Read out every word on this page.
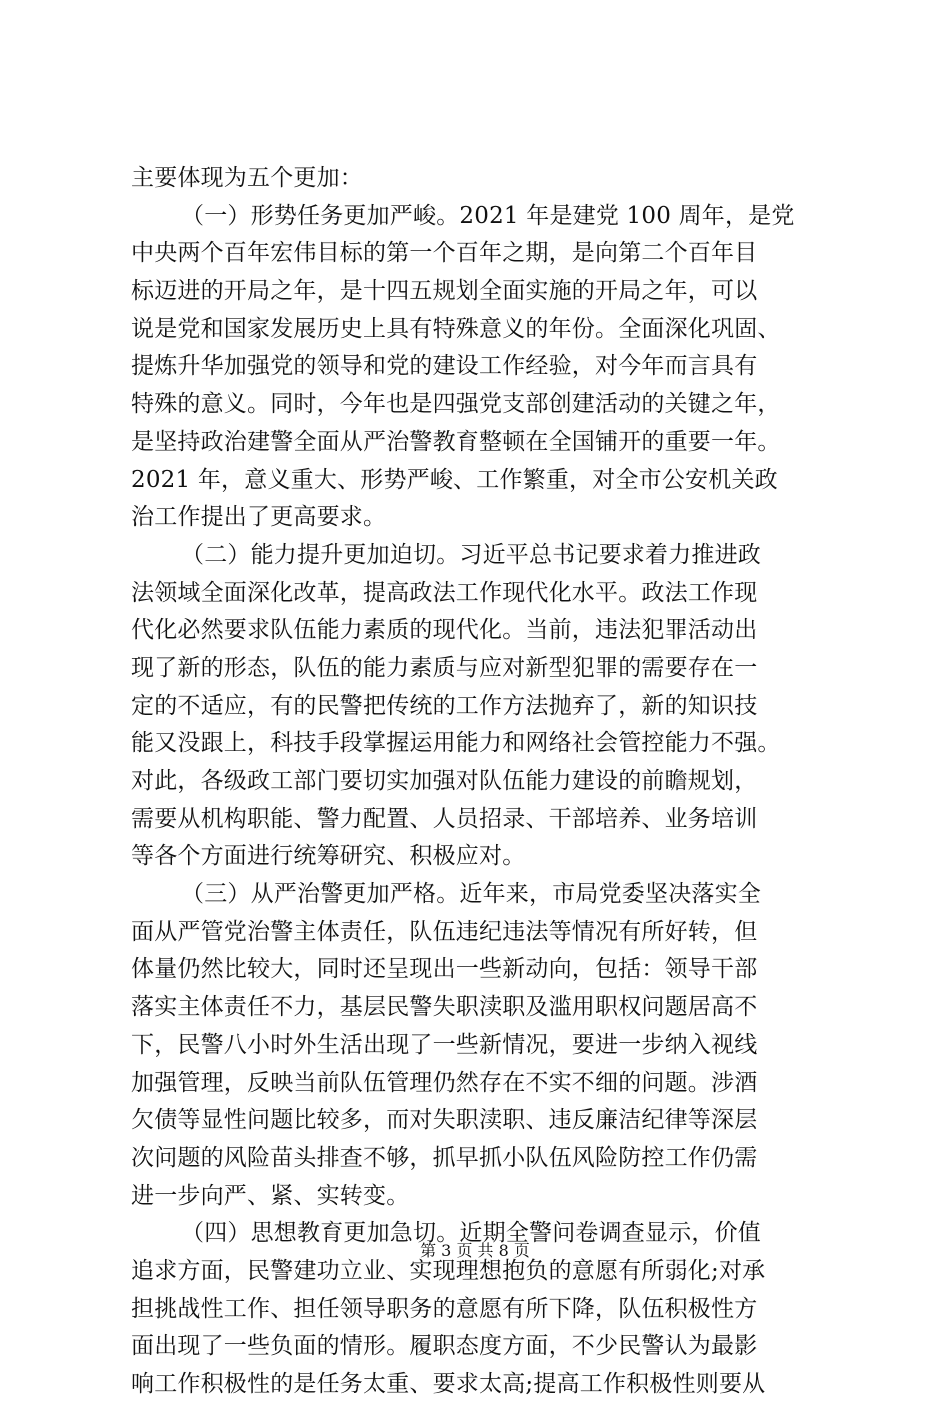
主要体现为五个更加：
（一）形势任务更加严峻。2021 年是建党 100 周年，是党
中央两个百年宏伟目标的第一个百年之期，是向第二个百年目
标迈进的开局之年，是十四五规划全面实施的开局之年，可以
说是党和国家发展历史上具有特殊意义的年份。全面深化巩固、
提炼升华加强党的领导和党的建设工作经验，对今年而言具有
特殊的意义。同时，今年也是四强党支部创建活动的关键之年，
是坚持政治建警全面从严治警教育整顿在全国铺开的重要一年。
2021 年，意义重大、形势严峻、工作繁重，对全市公安机关政
治工作提出了更高要求。
（二）能力提升更加迫切。习近平总书记要求着力推进政
法领域全面深化改革，提高政法工作现代化水平。政法工作现
代化必然要求队伍能力素质的现代化。当前，违法犯罪活动出
现了新的形态，队伍的能力素质与应对新型犯罪的需要存在一
定的不适应，有的民警把传统的工作方法抛弃了，新的知识技
能又没跟上，科技手段掌握运用能力和网络社会管控能力不强。
对此，各级政工部门要切实加强对队伍能力建设的前瞻规划，
需要从机构职能、警力配置、人员招录、干部培养、业务培训
等各个方面进行统筹研究、积极应对。
（三）从严治警更加严格。近年来，市局党委坚决落实全
面从严管党治警主体责任，队伍违纪违法等情况有所好转，但
体量仍然比较大，同时还呈现出一些新动向，包括：领导干部
落实主体责任不力，基层民警失职渎职及滥用职权问题居高不
下，民警八小时外生活出现了一些新情况，要进一步纳入视线
加强管理，反映当前队伍管理仍然存在不实不细的问题。涉酒
欠债等显性问题比较多，而对失职渎职、违反廉洁纪律等深层
次问题的风险苗头排查不够，抓早抓小队伍风险防控工作仍需
进一步向严、紧、实转变。
（四）思想教育更加急切。近期全警问卷调查显示，价值
追求方面，民警建功立业、实现理想抱负的意愿有所弱化;对承
担挑战性工作、担任领导职务的意愿有所下降，队伍积极性方
面出现了一些负面的情形。履职态度方面，不少民警认为最影
响工作积极性的是任务太重、要求太高;提高工作积极性则要从
第 3 页 共 8 页
